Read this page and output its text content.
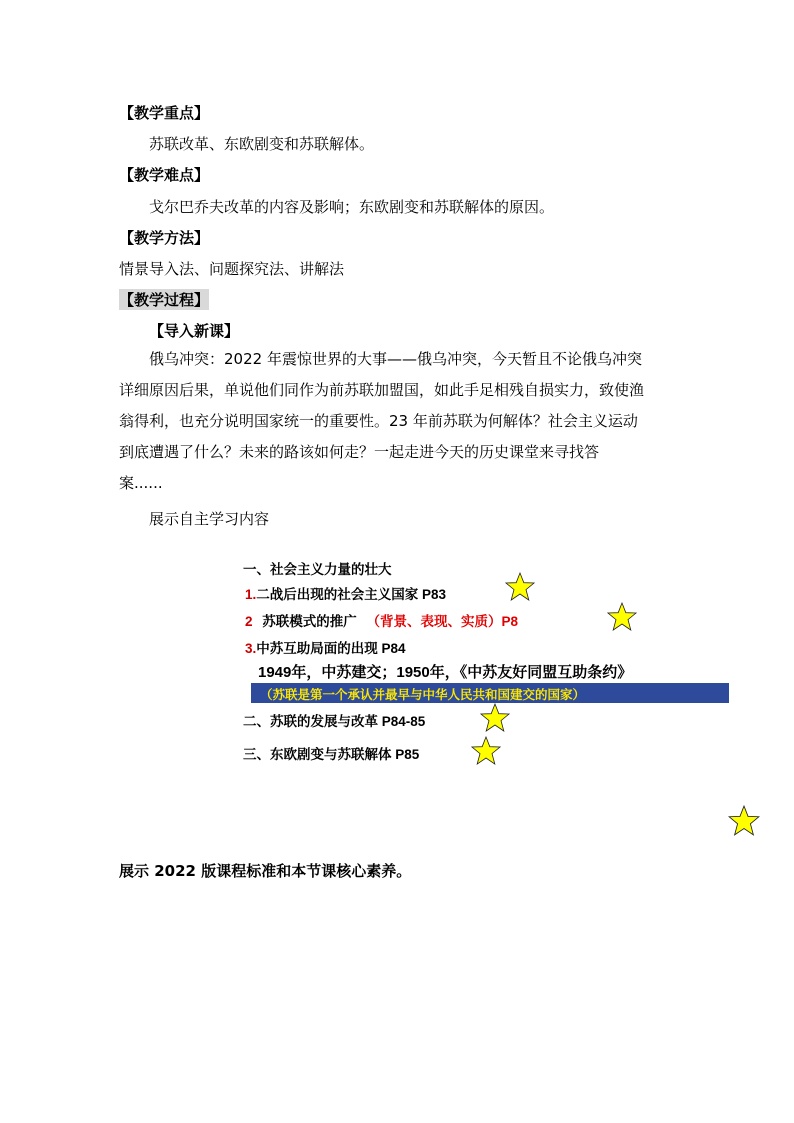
【教学重点】
苏联改革、东欧剧变和苏联解体。
【教学难点】
戈尔巴乔夫改革的内容及影响；东欧剧变和苏联解体的原因。
【教学方法】
情景导入法、问题探究法、讲解法
【教学过程】
【导入新课】
俄乌冲突：2022 年震惊世界的大事——俄乌冲突，今天暂且不论俄乌冲突
详细原因后果，单说他们同作为前苏联加盟国，如此手足相残自损实力，致使渔
翁得利，也充分说明国家统一的重要性。23 年前苏联为何解体？社会主义运动
到底遭遇了什么？未来的路该如何走？一起走进今天的历史课堂来寻找答
案......
展示自主学习内容
一、社会主义力量的壮大
1.二战后出现的社会主义国家 P83
2 苏联模式的推广 （背景、表现、实质）P8
3.中苏互助局面的出现 P84
1949年，中苏建交；1950年，《中苏友好同盟互助条约》
（苏联是第一个承认并最早与中华人民共和国建交的国家）
二、苏联的发展与改革 P84-85
三、东欧剧变与苏联解体 P85
展示 2022 版课程标准和本节课核心素养。
